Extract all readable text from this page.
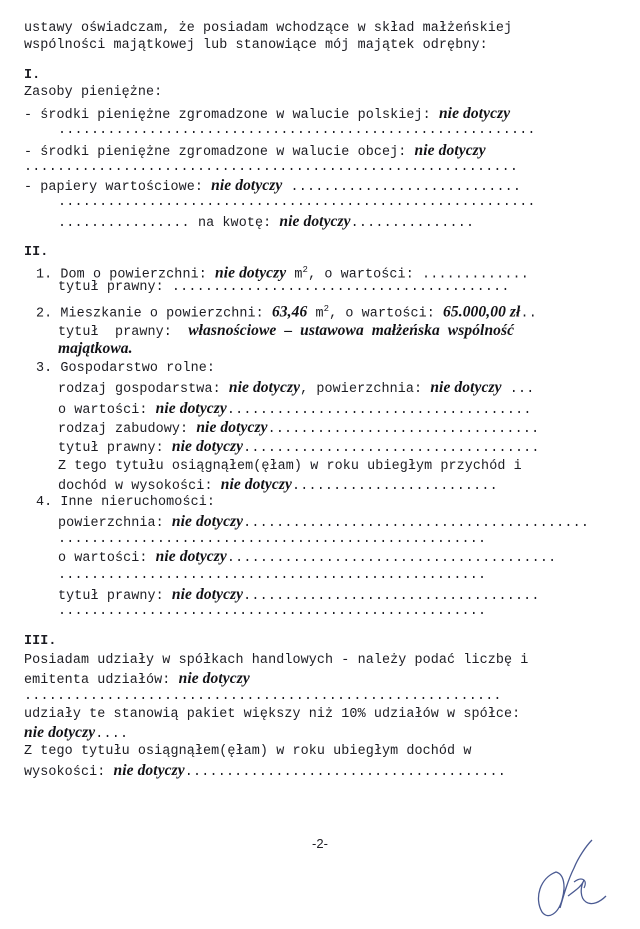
ustawy oświadczam, że posiadam wchodzące w skład małżeńskiej
wspólności majątkowej lub stanowiące mój majątek odrębny:
I.
Zasoby pieniężne:
- środki pieniężne zgromadzone w walucie polskiej: nie dotyczy
..........................................................
- środki pieniężne zgromadzone w walucie obcej: nie dotyczy
............................................................
- papiery wartościowe: nie dotyczy ............................
..........................................................
................ na kwotę: nie dotyczy...............
II.
1. Dom o powierzchni: nie dotyczy $m^2$, o wartości: .............
tytuł prawny: .........................................
2. Mieszkanie o powierzchni: 63,46 $m^2$, o wartości: 65.000,00 zł..
tytuł  prawny: własnościowe  –  ustawowa  małżeńska  wspólność
majątkowa.
3. Gospodarstwo rolne:
rodzaj gospodarstwa: nie dotyczy, powierzchnia: nie dotyczy ...
o wartości: nie dotyczy.....................................
rodzaj zabudowy: nie dotyczy.................................
tytuł prawny: nie dotyczy....................................
Z tego tytułu osiągnąłem(ęłam) w roku ubiegłym przychód i
dochód w wysokości: nie dotyczy.........................
4. Inne nieruchomości:
powierzchnia: nie dotyczy..........................................
....................................................
o wartości: nie dotyczy........................................
....................................................
tytuł prawny: nie dotyczy....................................
....................................................
III.
Posiadam udziały w spółkach handlowych - należy podać liczbę i
emitenta udziałów: nie dotyczy
..........................................................
udziały te stanowią pakiet większy niż 10% udziałów w spółce:
nie dotyczy....
Z tego tytułu osiągnąłem(ęłam) w roku ubiegłym dochód w
wysokości: nie dotyczy.......................................
-2-
